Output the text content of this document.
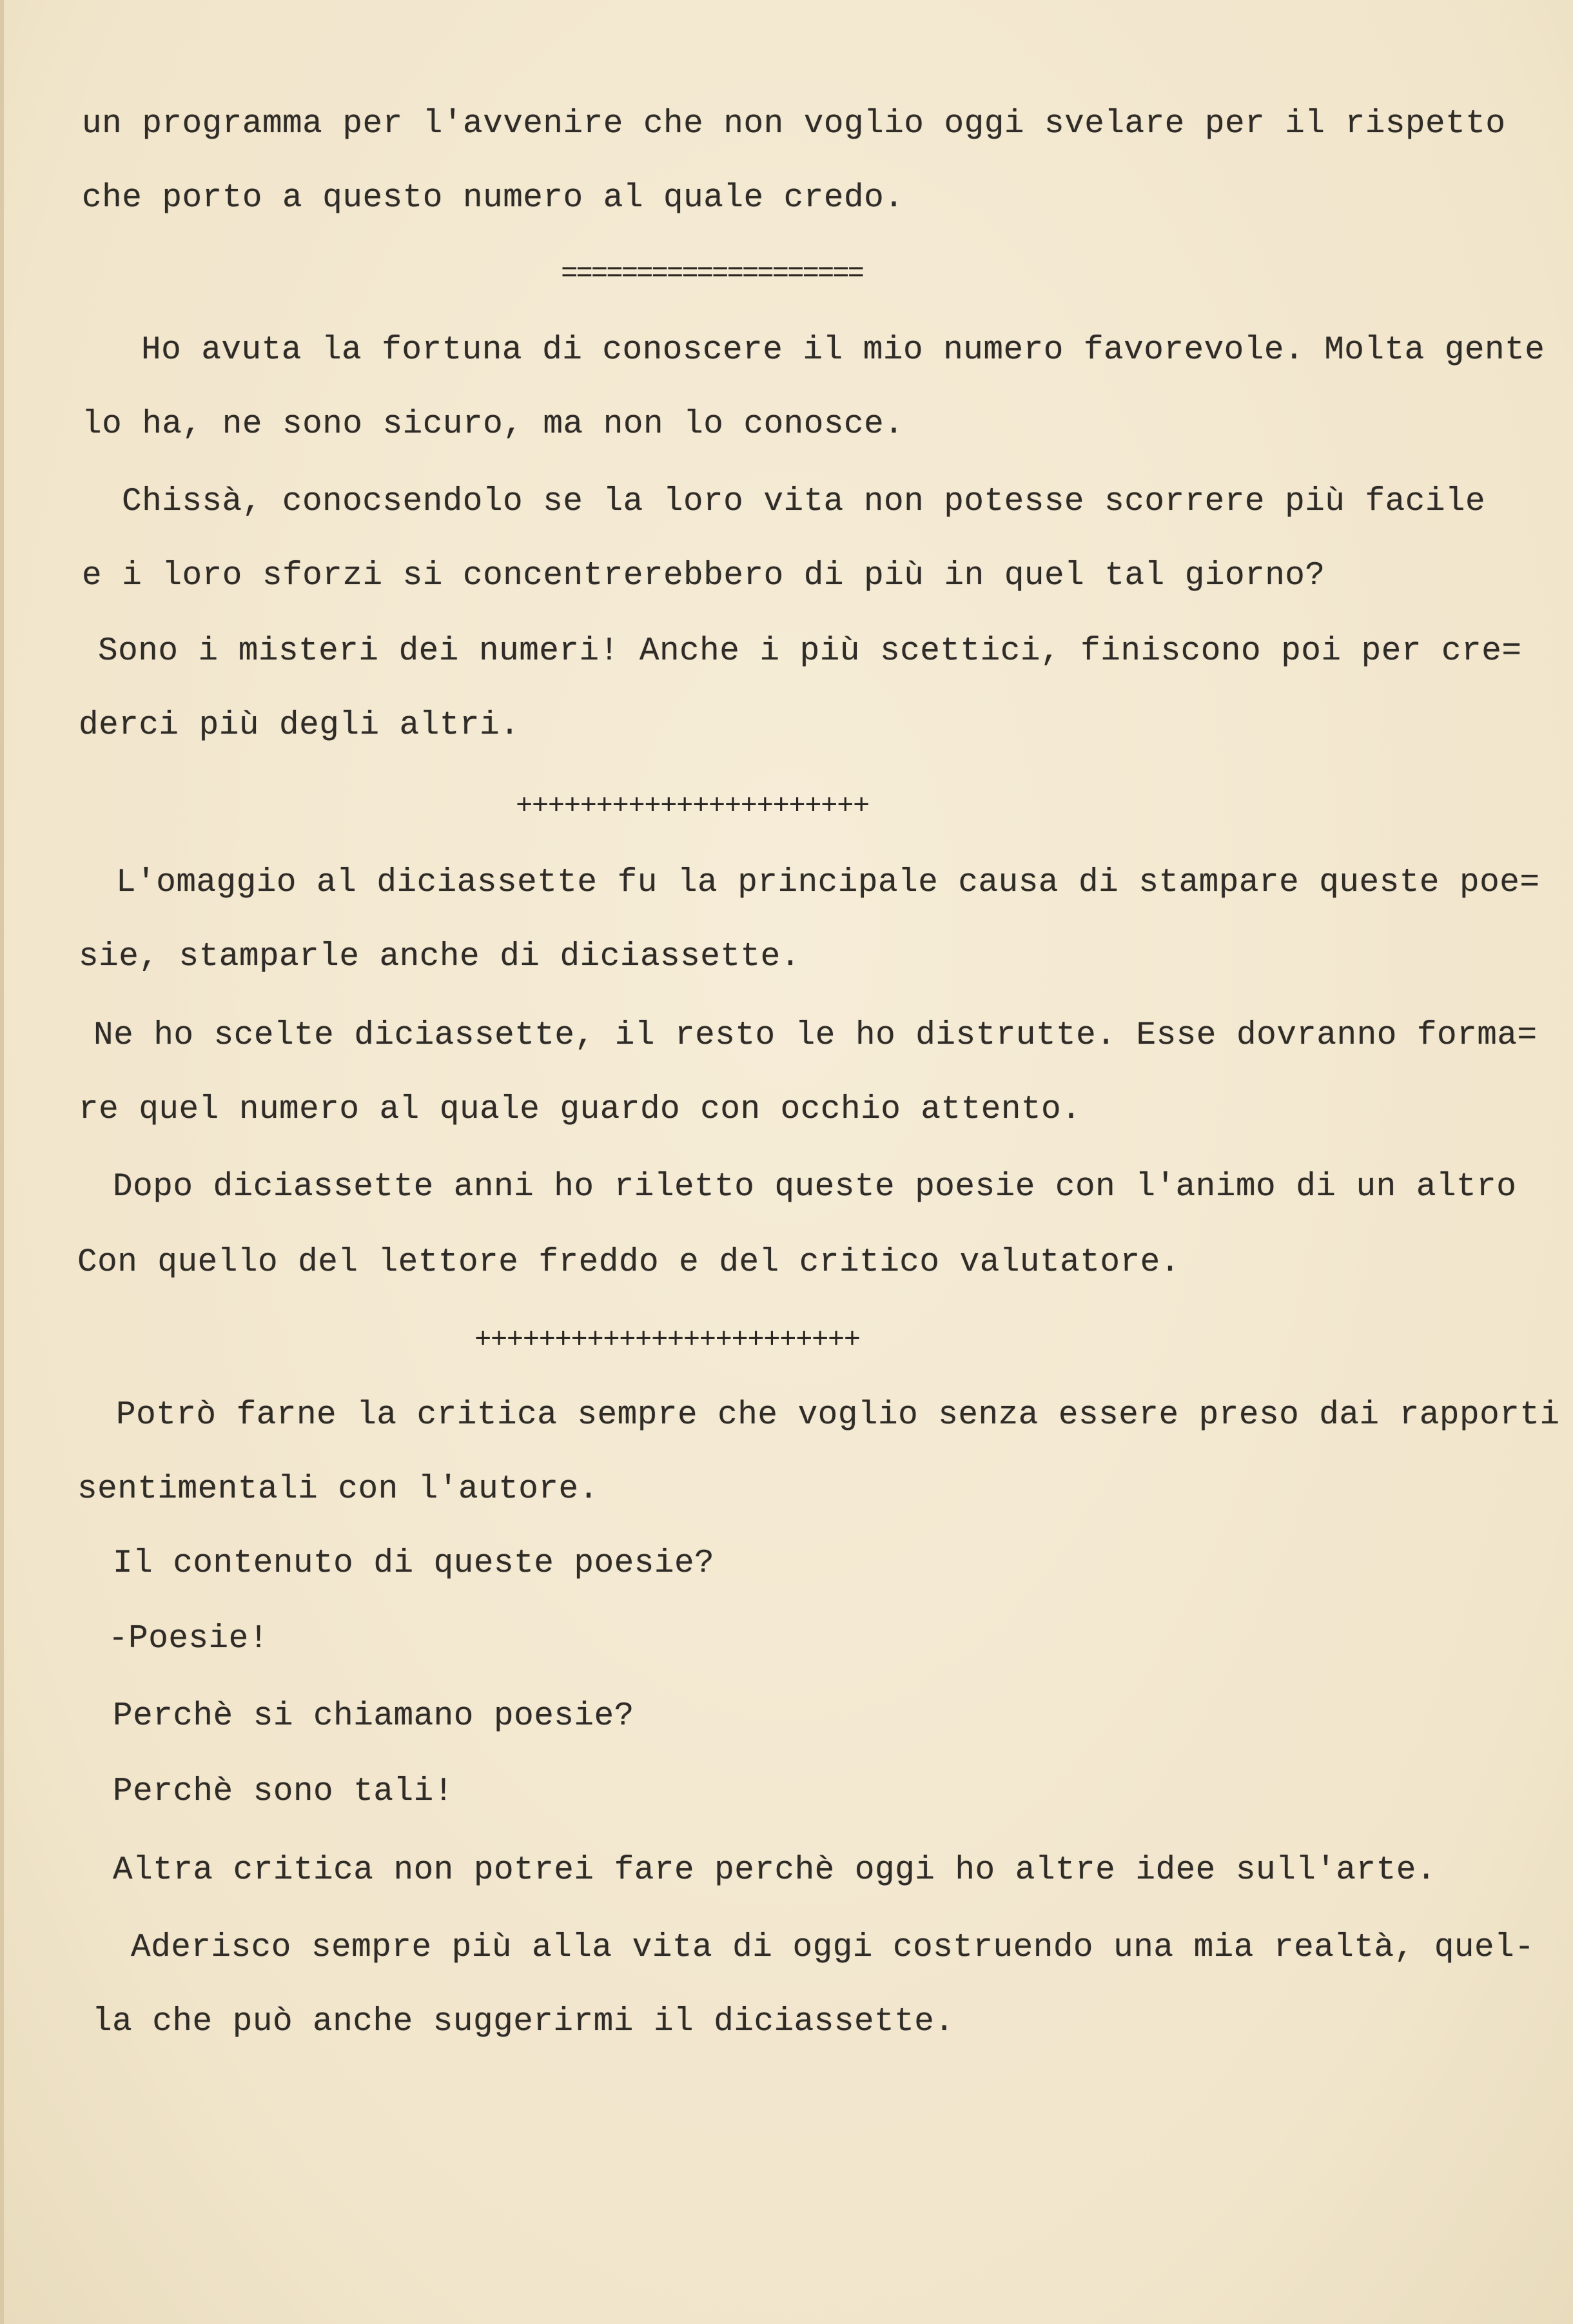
un programma per l'avvenire che non voglio oggi svelare per il rispetto
che porto a questo numero al quale credo.
====================
Ho avuta la fortuna di conoscere il mio numero favorevole. Molta gente
lo ha, ne sono sicuro, ma non lo conosce.
Chissà, conocsendolo se la loro vita non potesse scorrere più facile
e i loro sforzi si concentrerebbero di più in quel tal giorno?
Sono i misteri dei numeri! Anche i più scettici, finiscono poi per cre=
derci più degli altri.
++++++++++++++++++++++
L'omaggio al diciassette fu la principale causa di stampare queste poe=
sie, stamparle anche di diciassette.
Ne ho scelte diciassette, il resto le ho distrutte. Esse dovranno forma=
re quel numero al quale guardo con occhio attento.
Dopo diciassette anni ho riletto queste poesie con l'animo di un altro
Con quello del lettore freddo e del critico valutatore.
++++++++++++++++++++++++
Potrò farne la critica sempre che voglio senza essere preso dai rapporti
sentimentali con l'autore.
Il contenuto di queste poesie?
-Poesie!
Perchè si chiamano poesie?
Perchè sono tali!
Altra critica non potrei fare perchè oggi ho altre idee sull'arte.
Aderisco sempre più alla vita di oggi costruendo una mia realtà, quel-
la che può anche suggerirmi il diciassette.
